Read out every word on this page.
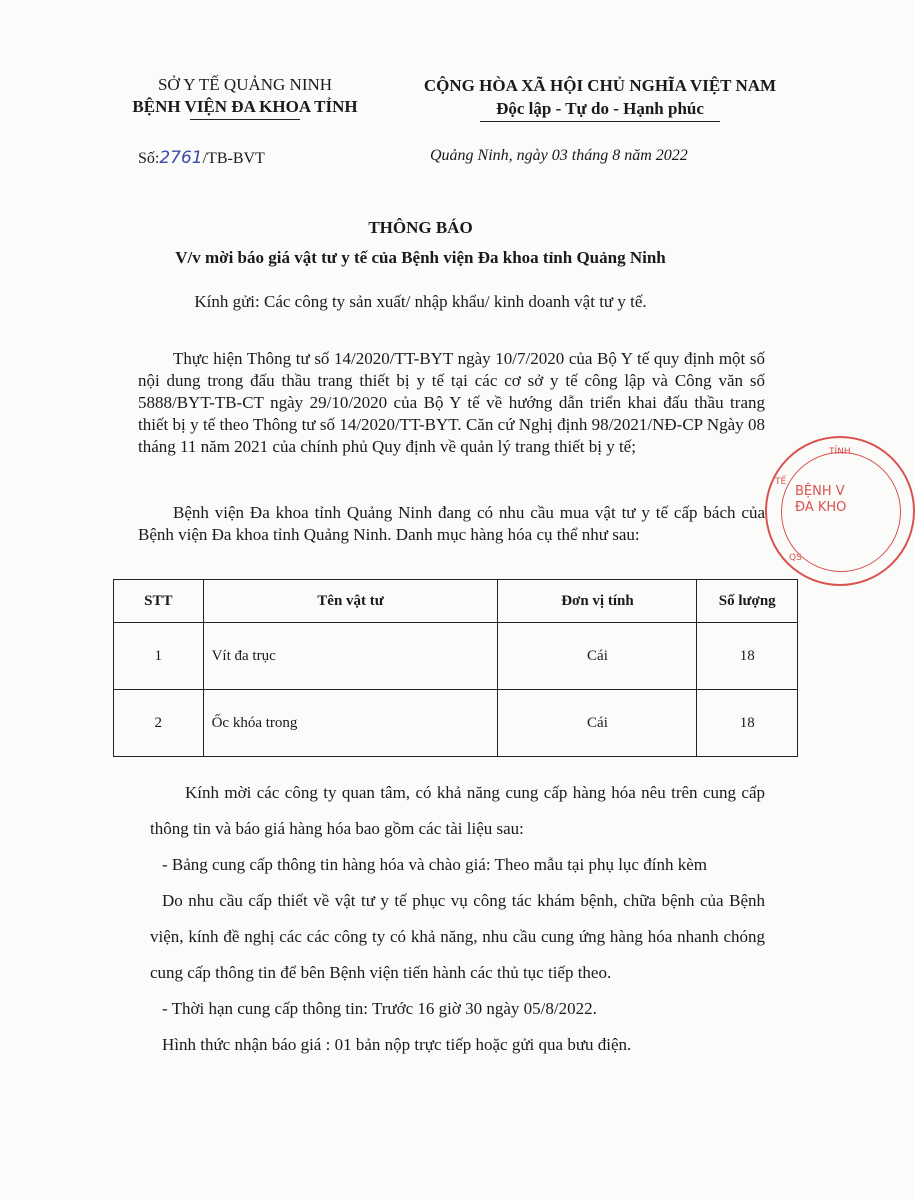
SỞ Y TẾ QUẢNG NINH
BỆNH VIỆN ĐA KHOA TỈNH
CỘNG HÒA XÃ HỘI CHỦ NGHĨA VIỆT NAM
Độc lập - Tự do - Hạnh phúc
Số:2761/TB-BVT	Quảng Ninh, ngày 03 tháng 8 năm 2022
THÔNG BÁO
V/v mời báo giá vật tư y tế của Bệnh viện Đa khoa tỉnh Quảng Ninh
Kính gửi: Các công ty sản xuất/ nhập khẩu/ kinh doanh vật tư y tế.
Thực hiện Thông tư số 14/2020/TT-BYT ngày 10/7/2020 của Bộ Y tế quy định một số nội dung trong đấu thầu trang thiết bị y tế tại các cơ sở y tế công lập và Công văn số 5888/BYT-TB-CT ngày 29/10/2020 của Bộ Y tế về hướng dẫn triển khai đấu thầu trang thiết bị y tế theo Thông tư số 14/2020/TT-BYT. Căn cứ Nghị định 98/2021/NĐ-CP Ngày 08 tháng 11 năm 2021 của chính phủ Quy định về quản lý trang thiết bị y tế;
Bệnh viện Đa khoa tỉnh Quảng Ninh đang có nhu cầu mua vật tư y tế cấp bách của Bệnh viện Đa khoa tỉnh Quảng Ninh. Danh mục hàng hóa cụ thể như sau:
STT	Tên vật tư	Đơn vị tính	Số lượng
1	Vít đa trục	Cái	18
2	Ốc khóa trong	Cái	18
Kính mời các công ty quan tâm, có khả năng cung cấp hàng hóa nêu trên cung cấp thông tin và báo giá hàng hóa bao gồm các tài liệu sau:
- Bảng cung cấp thông tin hàng hóa và chào giá: Theo mẫu tại phụ lục đính kèm
Do nhu cầu cấp thiết về vật tư y tế phục vụ công tác khám bệnh, chữa bệnh của Bệnh viện, kính đề nghị các các công ty có khả năng, nhu cầu cung ứng hàng hóa nhanh chóng cung cấp thông tin để bên Bệnh viện tiến hành các thủ tục tiếp theo.
- Thời hạn cung cấp thông tin: Trước 16 giờ 30 ngày 05/8/2022.
Hình thức nhận báo giá : 01 bản nộp trực tiếp hoặc gửi qua bưu điện.
TỈNH
TẾ
QS
BỆNH V
ĐA KHO
